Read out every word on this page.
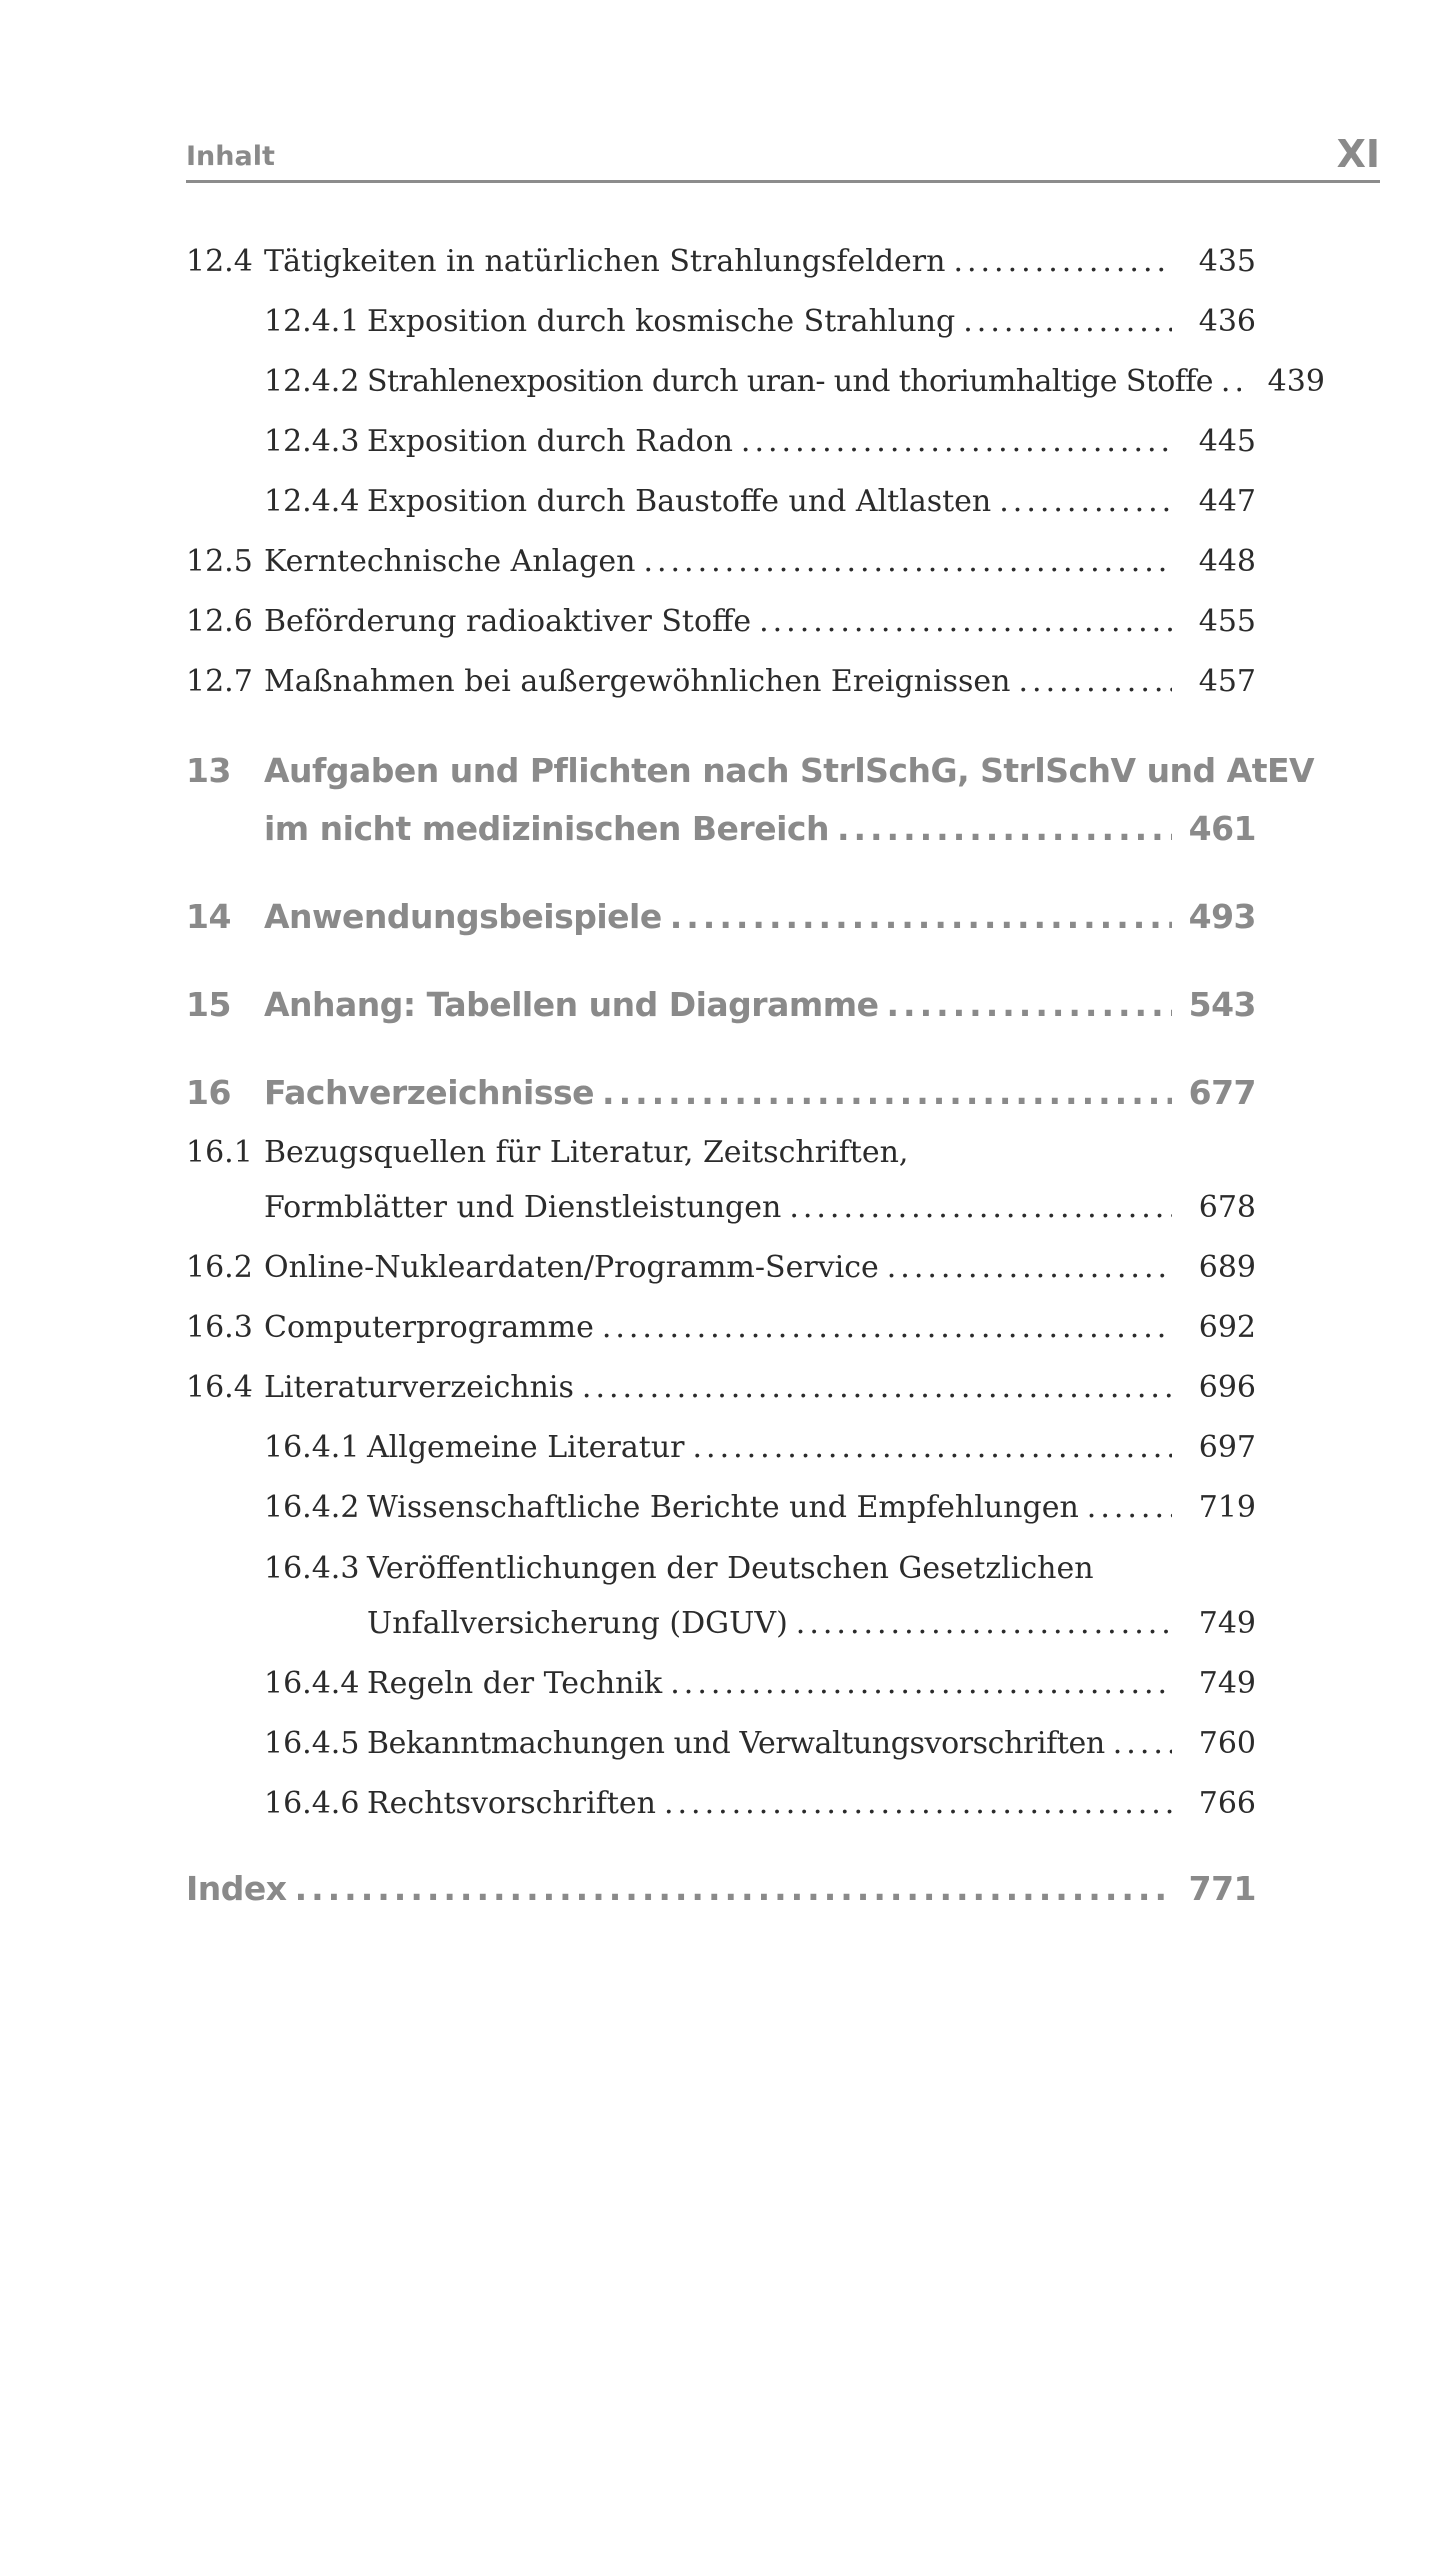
Inhalt	XI
12.4 Tätigkeiten in natürlichen Strahlungsfeldern .....	435
12.4.1 Exposition durch kosmische Strahlung .....	436
12.4.2 Strahlenexposition durch uran- und thoriumhaltige Stoffe .....	439
12.4.3 Exposition durch Radon .....	445
12.4.4 Exposition durch Baustoffe und Altlasten .....	447
12.5 Kerntechnische Anlagen .....	448
12.6 Beförderung radioaktiver Stoffe .....	455
12.7 Maßnahmen bei außergewöhnlichen Ereignissen .....	457
13	Aufgaben und Pflichten nach StrlSchG, StrlSchV und AtEV
im nicht medizinischen Bereich .....	461
14	Anwendungsbeispiele .....	493
15	Anhang: Tabellen und Diagramme .....	543
16	Fachverzeichnisse .....	677
16.1 Bezugsquellen für Literatur, Zeitschriften,
Formblätter und Dienstleistungen .....	678
16.2 Online-Nukleardaten/Programm-Service .....	689
16.3 Computerprogramme .....	692
16.4 Literaturverzeichnis .....	696
16.4.1 Allgemeine Literatur .....	697
16.4.2 Wissenschaftliche Berichte und Empfehlungen .....	719
16.4.3 Veröffentlichungen der Deutschen Gesetzlichen
Unfallversicherung (DGUV) .....	749
16.4.4 Regeln der Technik .....	749
16.4.5 Bekanntmachungen und Verwaltungsvorschriften .....	760
16.4.6 Rechtsvorschriften .....	766
Index .....	771
